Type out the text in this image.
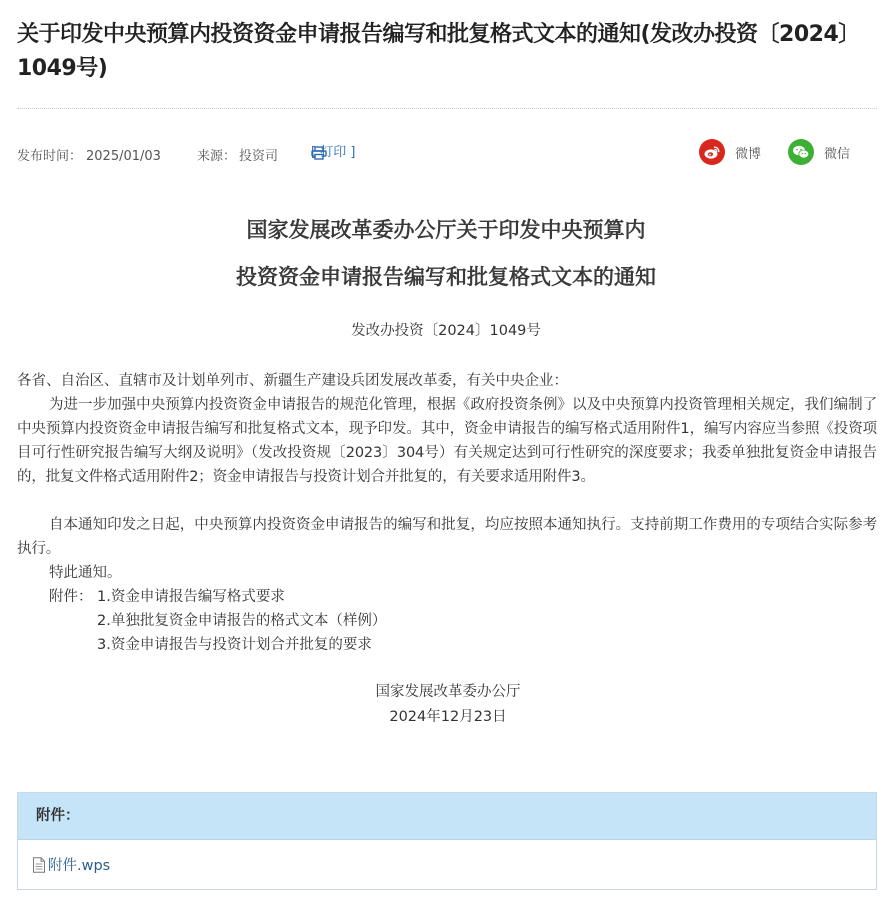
关于印发中央预算内投资资金申请报告编写和批复格式文本的通知(发改办投资〔2024〕1049号)
发布时间： 2025/01/03	来源： 投资司	[ 打印 ]	微博	微信
国家发展改革委办公厅关于印发中央预算内
投资资金申请报告编写和批复格式文本的通知
发改办投资〔2024〕1049号
各省、自治区、直辖市及计划单列市、新疆生产建设兵团发展改革委，有关中央企业：
为进一步加强中央预算内投资资金申请报告的规范化管理，根据《政府投资条例》以及中央预算内投资管理相关规定，我们编制了中央预算内投资资金申请报告编写和批复格式文本，现予印发。其中，资金申请报告的编写格式适用附件1，编写内容应当参照《投资项目可行性研究报告编写大纲及说明》（发改投资规〔2023〕304号）有关规定达到可行性研究的深度要求；我委单独批复资金申请报告的，批复文件格式适用附件2；资金申请报告与投资计划合并批复的，有关要求适用附件3。
自本通知印发之日起，中央预算内投资资金申请报告的编写和批复，均应按照本通知执行。支持前期工作费用的专项结合实际参考执行。
特此通知。
附件： 1.资金申请报告编写格式要求
2.单独批复资金申请报告的格式文本（样例）
3.资金申请报告与投资计划合并批复的要求
国家发展改革委办公厅
2024年12月23日
附件：
附件.wps
